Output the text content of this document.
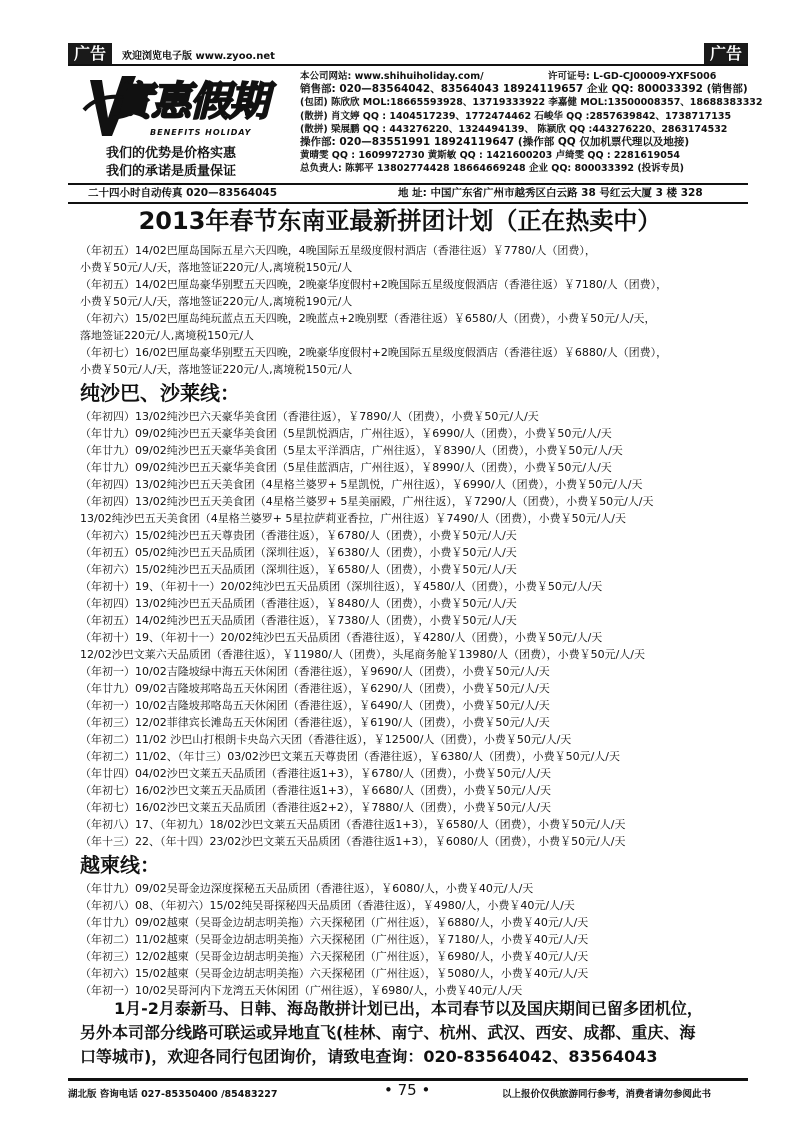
广告	欢迎浏览电子版 www.zyoo.net	广告
實惠假期
BENEFITS HOLIDAY
我们的优势是价格实惠
我们的承诺是质量保证
本公司网站: www.shihuiholiday.com/	许可证号: L-GD-CJ00009-YXFS006
销售部: 020—83564042、83564043 18924119657 企业 QQ: 800033392 (销售部)
(包团) 陈欣欣 MOL:18665593928、13719333922 李嘉健 MOL:13500008357、18688383332
(散拼) 肖文婷 QQ : 1404517239、1772474462 石峻华 QQ :2857639842、1738717135
(散拼) 梁展鹏 QQ : 443276220、1324494139、 陈颍欣 QQ :443276220、2863174532
操作部: 020—83551991 18924119647 (操作部 QQ 仅加机票代理以及地接)
黄晴雯 QQ : 1609972730 黄斯敏 QQ : 1421600203 卢绮雯 QQ : 2281619054
总负责人: 陈郭平 13802774428 18664669248 企业 QQ: 800033392 (投诉专员)
二十四小时自动传真 020—83564045	地 址: 中国广东省广州市越秀区白云路 38 号红云大厦 3 楼 328
2013年春节东南亚最新拼团计划（正在热卖中）
（年初五）14/02巴厘岛国际五星六天四晚，4晚国际五星级度假村酒店（香港往返）￥7780/人（团费），
小费￥50元/人/天，落地签证220元/人,离境税150元/人
（年初五）14/02巴厘岛豪华别墅五天四晚，2晚豪华度假村+2晚国际五星级度假酒店（香港往返）￥7180/人（团费），
小费￥50元/人/天，落地签证220元/人,离境税190元/人
（年初六）15/02巴厘岛纯玩蓝点五天四晚，2晚蓝点+2晚别墅（香港往返）￥6580/人（团费），小费￥50元/人/天，
落地签证220元/人,离境税150元/人
（年初七）16/02巴厘岛豪华别墅五天四晚，2晚豪华度假村+2晚国际五星级度假酒店（香港往返）￥6880/人（团费），
小费￥50元/人/天，落地签证220元/人,离境税150元/人
纯沙巴、沙莱线：
（年初四）13/02纯沙巴六天豪华美食团（香港往返），￥7890/人（团费），小费￥50元/人/天
（年廿九）09/02纯沙巴五天豪华美食团（5星凯悦酒店，广州往返），￥6990/人（团费），小费￥50元/人/天
（年廿九）09/02纯沙巴五天豪华美食团（5星太平洋酒店，广州往返），￥8390/人（团费），小费￥50元/人/天
（年廿九）09/02纯沙巴五天豪华美食团（5星佳蓝酒店，广州往返），￥8990/人（团费），小费￥50元/人/天
（年初四）13/02纯沙巴五天美食团（4星格兰婆罗+ 5星凯悦，广州往返），￥6990/人（团费），小费￥50元/人/天
（年初四）13/02纯沙巴五天美食团（4星格兰婆罗+ 5星美丽殿，广州往返），￥7290/人（团费），小费￥50元/人/天
13/02纯沙巴五天美食团（4星格兰婆罗+ 5星拉萨莉亚香拉，广州往返）￥7490/人（团费），小费￥50元/人/天
（年初六）15/02纯沙巴五天尊贵团（香港往返），￥6780/人（团费），小费￥50元/人/天
（年初五）05/02纯沙巴五天品质团（深圳往返），￥6380/人（团费），小费￥50元/人/天
（年初六）15/02纯沙巴五天品质团（深圳往返），￥6580/人（团费），小费￥50元/人/天
（年初十）19、（年初十一）20/02纯沙巴五天品质团（深圳往返），￥4580/人（团费），小费￥50元/人/天
（年初四）13/02纯沙巴五天品质团（香港往返），￥8480/人（团费），小费￥50元/人/天
（年初五）14/02纯沙巴五天品质团（香港往返），￥7380/人（团费），小费￥50元/人/天
（年初十）19、（年初十一）20/02纯沙巴五天品质团（香港往返），￥4280/人（团费），小费￥50元/人/天
12/02沙巴文莱六天品质团（香港往返），￥11980/人（团费），头尾商务舱￥13980/人（团费），小费￥50元/人/天
（年初一）10/02吉隆坡绿中海五天休闲团（香港往返），￥9690/人（团费），小费￥50元/人/天
（年廿九）09/02吉隆坡邦咯岛五天休闲团（香港往返），￥6290/人（团费），小费￥50元/人/天
（年初一）10/02吉隆坡邦咯岛五天休闲团（香港往返），￥6490/人（团费），小费￥50元/人/天
（年初三）12/02菲律宾长滩岛五天休闲团（香港往返），￥6190/人（团费），小费￥50元/人/天
（年初二）11/02 沙巴山打根朗卡央岛六天团（香港往返），￥12500/人（团费），小费￥50元/人/天
（年初二）11/02、（年廿三）03/02沙巴文莱五天尊贵团（香港往返），￥6380/人（团费），小费￥50元/人/天
（年廿四）04/02沙巴文莱五天品质团（香港往返1+3），￥6780/人（团费），小费￥50元/人/天
（年初七）16/02沙巴文莱五天品质团（香港往返1+3），￥6680/人（团费），小费￥50元/人/天
（年初七）16/02沙巴文莱五天品质团（香港往返2+2），￥7880/人（团费），小费￥50元/人/天
（年初八）17、（年初九）18/02沙巴文莱五天品质团（香港往返1+3），￥6580/人（团费），小费￥50元/人/天
（年十三）22、（年十四）23/02沙巴文莱五天品质团（香港往返1+3），￥6080/人（团费），小费￥50元/人/天
越柬线：
（年廿九）09/02吴哥金边深度探秘五天品质团（香港往返），￥6080/人，小费￥40元/人/天
（年初八）08、（年初六）15/02纯吴哥探秘四天品质团（香港往返），￥4980/人，小费￥40元/人/天
（年廿九）09/02越柬（吴哥金边胡志明美拖）六天探秘团（广州往返），￥6880/人，小费￥40元/人/天
（年初二）11/02越柬（吴哥金边胡志明美拖）六天探秘团（广州往返），￥7180/人，小费￥40元/人/天
（年初三）12/02越柬（吴哥金边胡志明美拖）六天探秘团（广州往返），￥6980/人，小费￥40元/人/天
（年初六）15/02越柬（吴哥金边胡志明美拖）六天探秘团（广州往返），￥5080/人，小费￥40元/人/天
（年初一）10/02吴哥河内下龙湾五天休闲团（广州往返），￥6980/人，小费￥40元/人/天
1月-2月泰新马、日韩、海岛散拼计划已出，本司春节以及国庆期间已留多团机位，
另外本司部分线路可联运或异地直飞(桂林、南宁、杭州、武汉、西安、成都、重庆、海
口等城市)，欢迎各同行包团询价，请致电查询：020-83564042、83564043
湖北版 咨询电话 027-85350400 /85483227	• 75 •	以上报价仅供旅游同行参考，消费者请勿参阅此书
